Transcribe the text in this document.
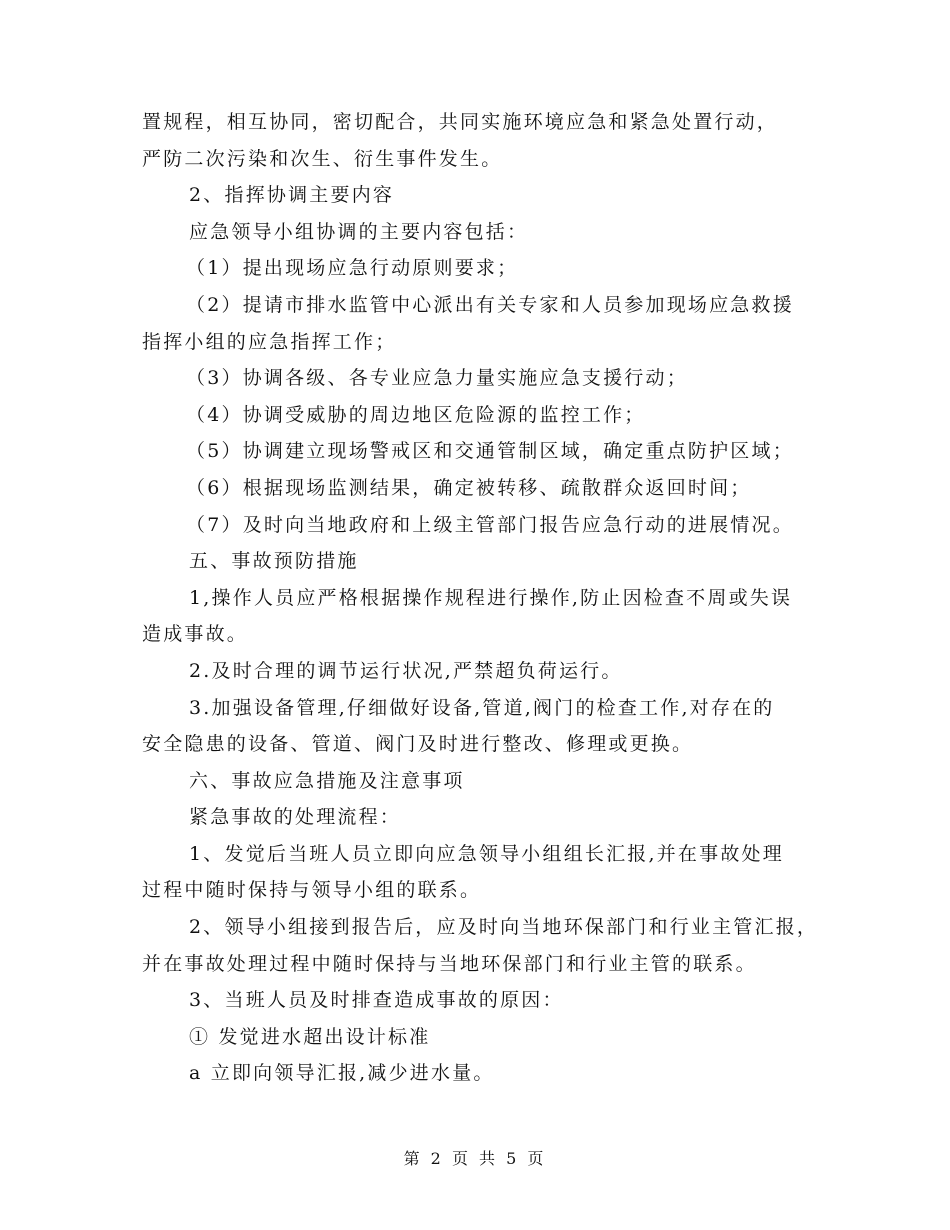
置规程，相互协同，密切配合，共同实施环境应急和紧急处置行动，
严防二次污染和次生、衍生事件发生。
2、指挥协调主要内容
应急领导小组协调的主要内容包括：
（1）提出现场应急行动原则要求；
（2）提请市排水监管中心派出有关专家和人员参加现场应急救援
指挥小组的应急指挥工作；
（3）协调各级、各专业应急力量实施应急支援行动；
（4）协调受威胁的周边地区危险源的监控工作；
（5）协调建立现场警戒区和交通管制区域，确定重点防护区域；
（6）根据现场监测结果，确定被转移、疏散群众返回时间；
（7）及时向当地政府和上级主管部门报告应急行动的进展情况。
五、事故预防措施
1,操作人员应严格根据操作规程进行操作,防止因检查不周或失误
造成事故。
2.及时合理的调节运行状况,严禁超负荷运行。
3.加强设备管理,仔细做好设备,管道,阀门的检查工作,对存在的
安全隐患的设备、管道、阀门及时进行整改、修理或更换。
六、事故应急措施及注意事项
紧急事故的处理流程：
1、发觉后当班人员立即向应急领导小组组长汇报,并在事故处理
过程中随时保持与领导小组的联系。
2、领导小组接到报告后，应及时向当地环保部门和行业主管汇报，
并在事故处理过程中随时保持与当地环保部门和行业主管的联系。
3、当班人员及时排查造成事故的原因：
① 发觉进水超出设计标准
a 立即向领导汇报,减少进水量。
第 2 页 共 5 页
